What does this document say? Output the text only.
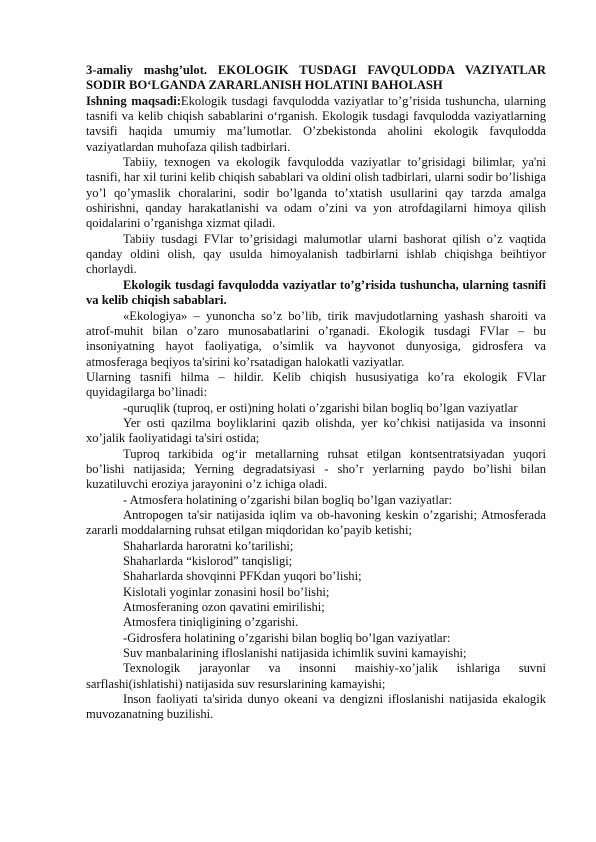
3-amaliy mashg’ulot. EKOLOGIK TUSDAGI FAVQULODDA VAZIYATLAR SODIR BO‘LGANDA ZARARLANISH HOLATINI BAHOLASH

Ishning maqsadi:Ekologik tusdagi favqulodda vaziyatlar to’g’risida tushuncha, ularning tasnifi va kelib chiqish sabablarini o‘rganish. Ekologik tusdagi favqulodda vaziyatlarning tavsifi haqida umumiy ma’lumotlar. O’zbekistonda aholini ekologik favqulodda vaziyatlardan muhofaza qilish tadbirlari.

Tabiiy, texnogen va ekologik favqulodda vaziyatlar to’grisidagi bilimlar, ya'ni tasnifi, har xil turini kelib chiqish sabablari va oldini olish tadbirlari, ularni sodir bo’lishiga yo’l qo’ymaslik choralarini, sodir bo’lganda to’xtatish usullarini qay tarzda amalga oshirishni, qanday harakatlanishi va odam o’zini va yon atrofdagilarni himoya qilish qoidalarini o’rganishga xizmat qiladi.

Tabiiy tusdagi FVlar to’grisidagi malumotlar ularni bashorat qilish o’z vaqtida qanday oldini olish, qay usulda himoyalanish tadbirlarni ishlab chiqishga beihtiyor chorlaydi.

Ekologik tusdagi favqulodda vaziyatlar to’g’risida tushuncha, ularning tasnifi va kelib chiqish sabablari.

«Ekologiya» – yunoncha so’z bo’lib, tirik mavjudotlarning yashash sharoiti va atrof-muhit bilan o’zaro munosabatlarini o’rganadi. Ekologik tusdagi FVlar – bu insoniyatning hayot faoliyatiga, o’simlik va hayvonot dunyosiga, gidrosfera va atmosferaga beqiyos ta'sirini ko’rsatadigan halokatli vaziyatlar.

Ularning tasnifi hilma – hildir. Kelib chiqish hususiyatiga ko’ra ekologik FVlar quyidagilarga bo’linadi:

-quruqlik (tuproq, er osti)ning holati o’zgarishi bilan bogliq bo’lgan vaziyatlar

Yer osti qazilma boyliklarini qazib olishda, yer ko’chkisi natijasida va insonni xo’jalik faoliyatidagi ta'siri ostida;

Tuproq tarkibida og‘ir metallarning ruhsat etilgan kontsentratsiyadan yuqori bo’lishi natijasida; Yerning degradatsiyasi - sho’r yerlarning paydo bo’lishi bilan kuzatiluvchi eroziya jarayonini o’z ichiga oladi.

- Atmosfera holatining o’zgarishi bilan bogliq bo’lgan vaziyatlar:

Antropogen ta'sir natijasida iqlim va ob-havoning keskin o’zgarishi; Atmosferada zararli moddalarning ruhsat etilgan miqdoridan ko’payib ketishi;

Shaharlarda haroratni ko’tarilishi;

Shaharlarda “kislorod” tanqisligi;

Shaharlarda shovqinni PFKdan yuqori bo’lishi;

Kislotali yoginlar zonasini hosil bo’lishi;

Atmosferaning ozon qavatini emirilishi;

Atmosfera tiniqligining o’zgarishi.

-Gidrosfera holatining o’zgarishi bilan bogliq bo’lgan vaziyatlar:

Suv manbalarining ifloslanishi natijasida ichimlik suvini kamayishi;

Texnologik jarayonlar va insonni maishiy-xo’jalik ishlariga suvni sarflashi(ishlatishi) natijasida suv resurslarining kamayishi;

Inson faoliyati ta'sirida dunyo okeani va dengizni ifloslanishi natijasida ekalogik muvozanatning buzilishi.
